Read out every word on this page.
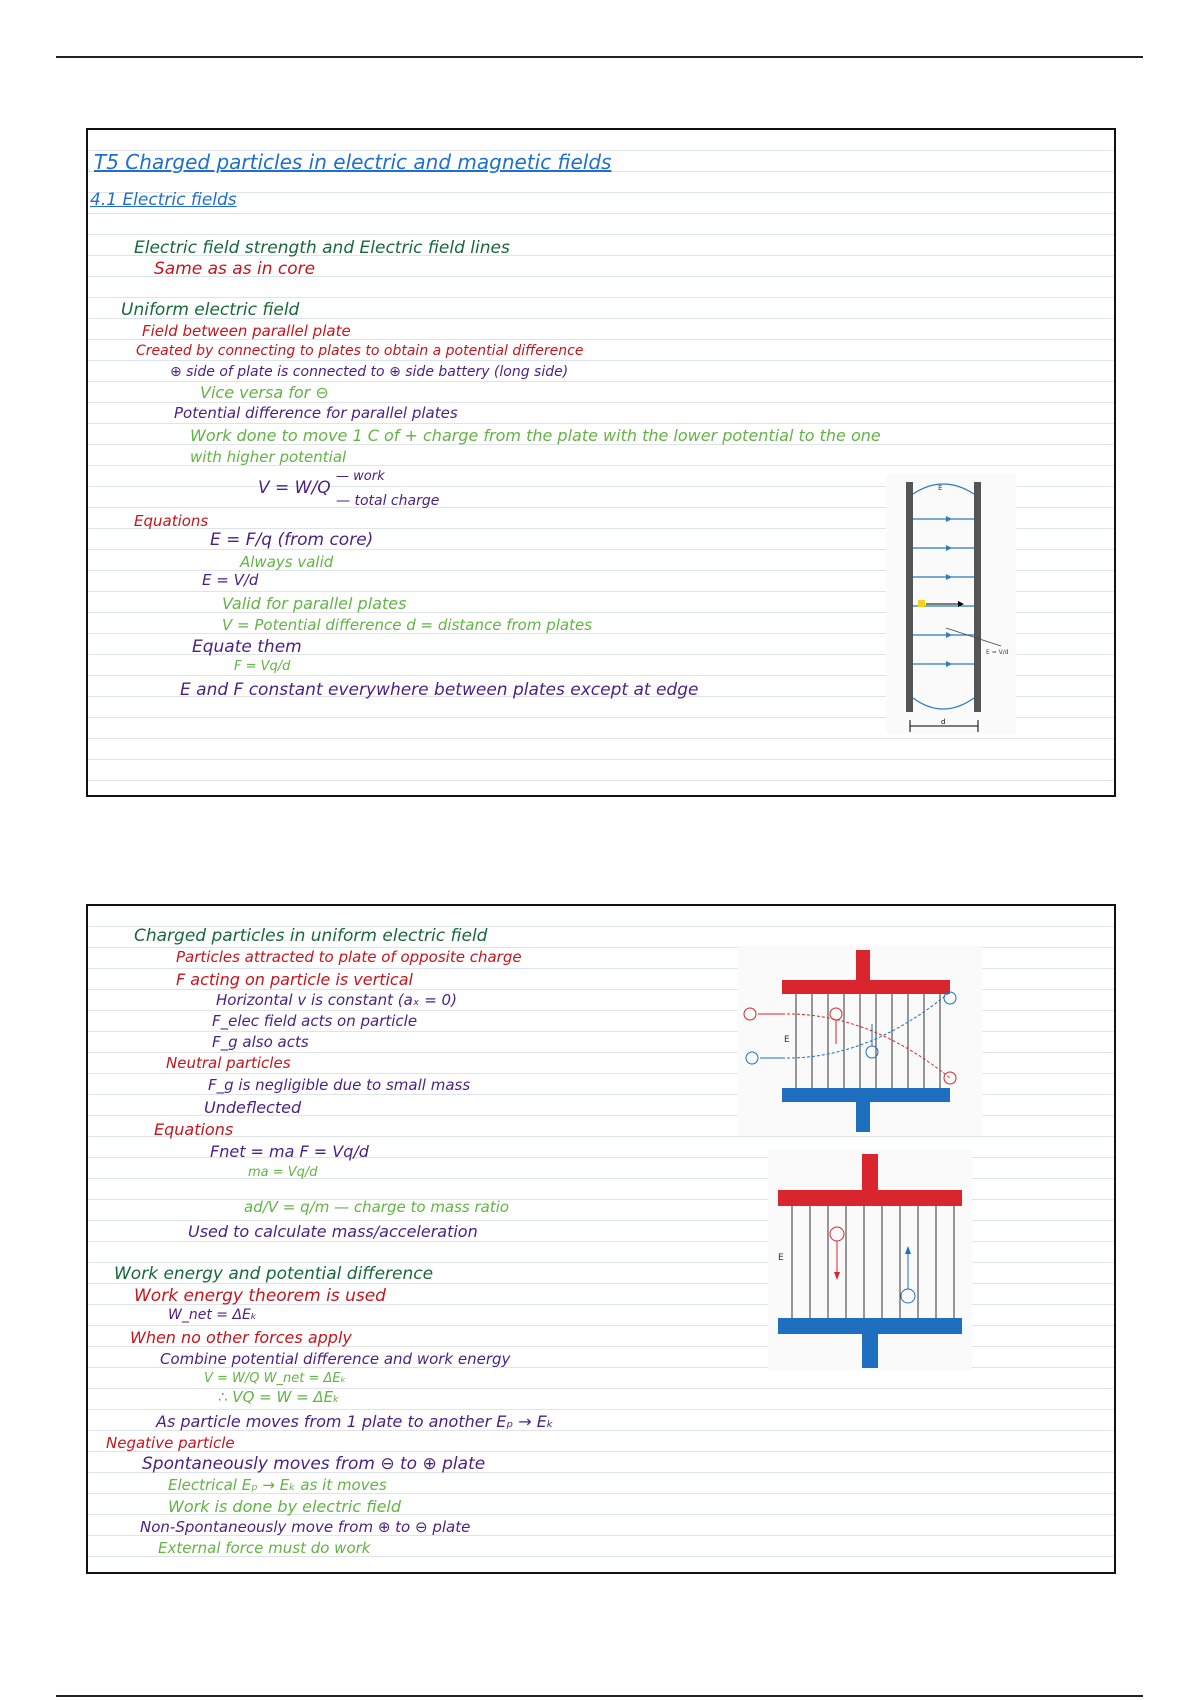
T5 Charged particles in electric and magnetic fields
4.1 Electric fields
Electric field strength and Electric field lines
Same as as in core
Uniform electric field
Field between parallel plate
Created by connecting to plates to obtain a potential difference
⊕ side of plate is connected to ⊕ side battery (long side)
Vice versa for ⊖
Potential difference for parallel plates
Work done to move 1 C of + charge from the plate with the lower potential to the one
with higher potential
V = W/Q
— work
— total charge
Equations
E = F/q (from core)
Always valid
E = V/d
Valid for parallel plates
V = Potential difference d = distance from plates
Equate them
F = Vq/d
E and F constant everywhere between plates except at edge
E
E = V/d
d
Charged particles in uniform electric field
Particles attracted to plate of opposite charge
F acting on particle is vertical
Horizontal v is constant (aₓ = 0)
F_elec field acts on particle
F_g also acts
Neutral particles
F_g is negligible due to small mass
Undeflected
Equations
Fnet = ma F = Vq/d
ma = Vq/d
ad/V = q/m — charge to mass ratio
Used to calculate mass/acceleration
Work energy and potential difference
Work energy theorem is used
W_net = ΔEₖ
When no other forces apply
Combine potential difference and work energy
V = W/Q W_net = ΔEₖ
∴ VQ = W = ΔEₖ
As particle moves from 1 plate to another Eₚ → Eₖ
Negative particle
Spontaneously moves from ⊖ to ⊕ plate
Electrical Eₚ → Eₖ as it moves
Work is done by electric field
Non-Spontaneously move from ⊕ to ⊖ plate
External force must do work
E
E
